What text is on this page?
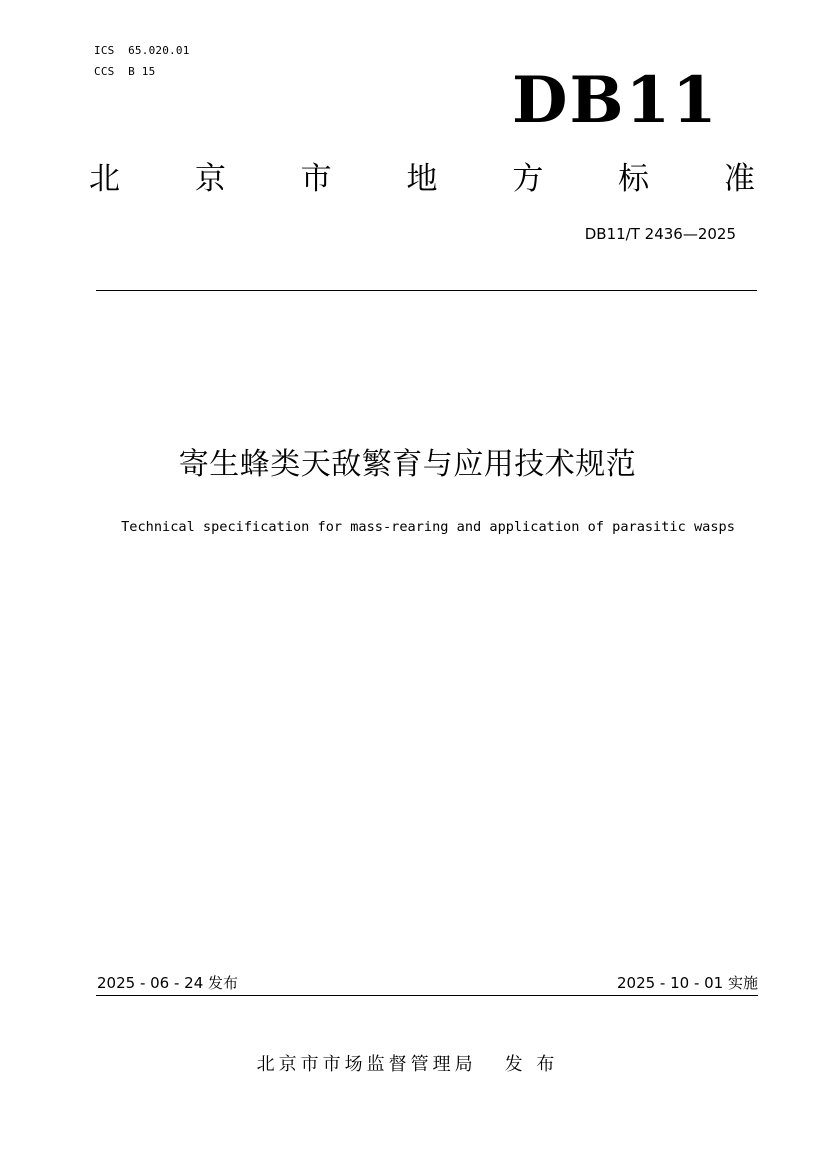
ICS  65.020.01
CCS  B 15	DB11
北 京 市 地 方 标 准
DB11/T 2436—2025
寄生蜂类天敌繁育与应用技术规范
Technical specification for mass-rearing and application of parasitic wasps
2025 - 06 - 24 发布	2025 - 10 - 01 实施
北京市市场监督管理局 发 布
